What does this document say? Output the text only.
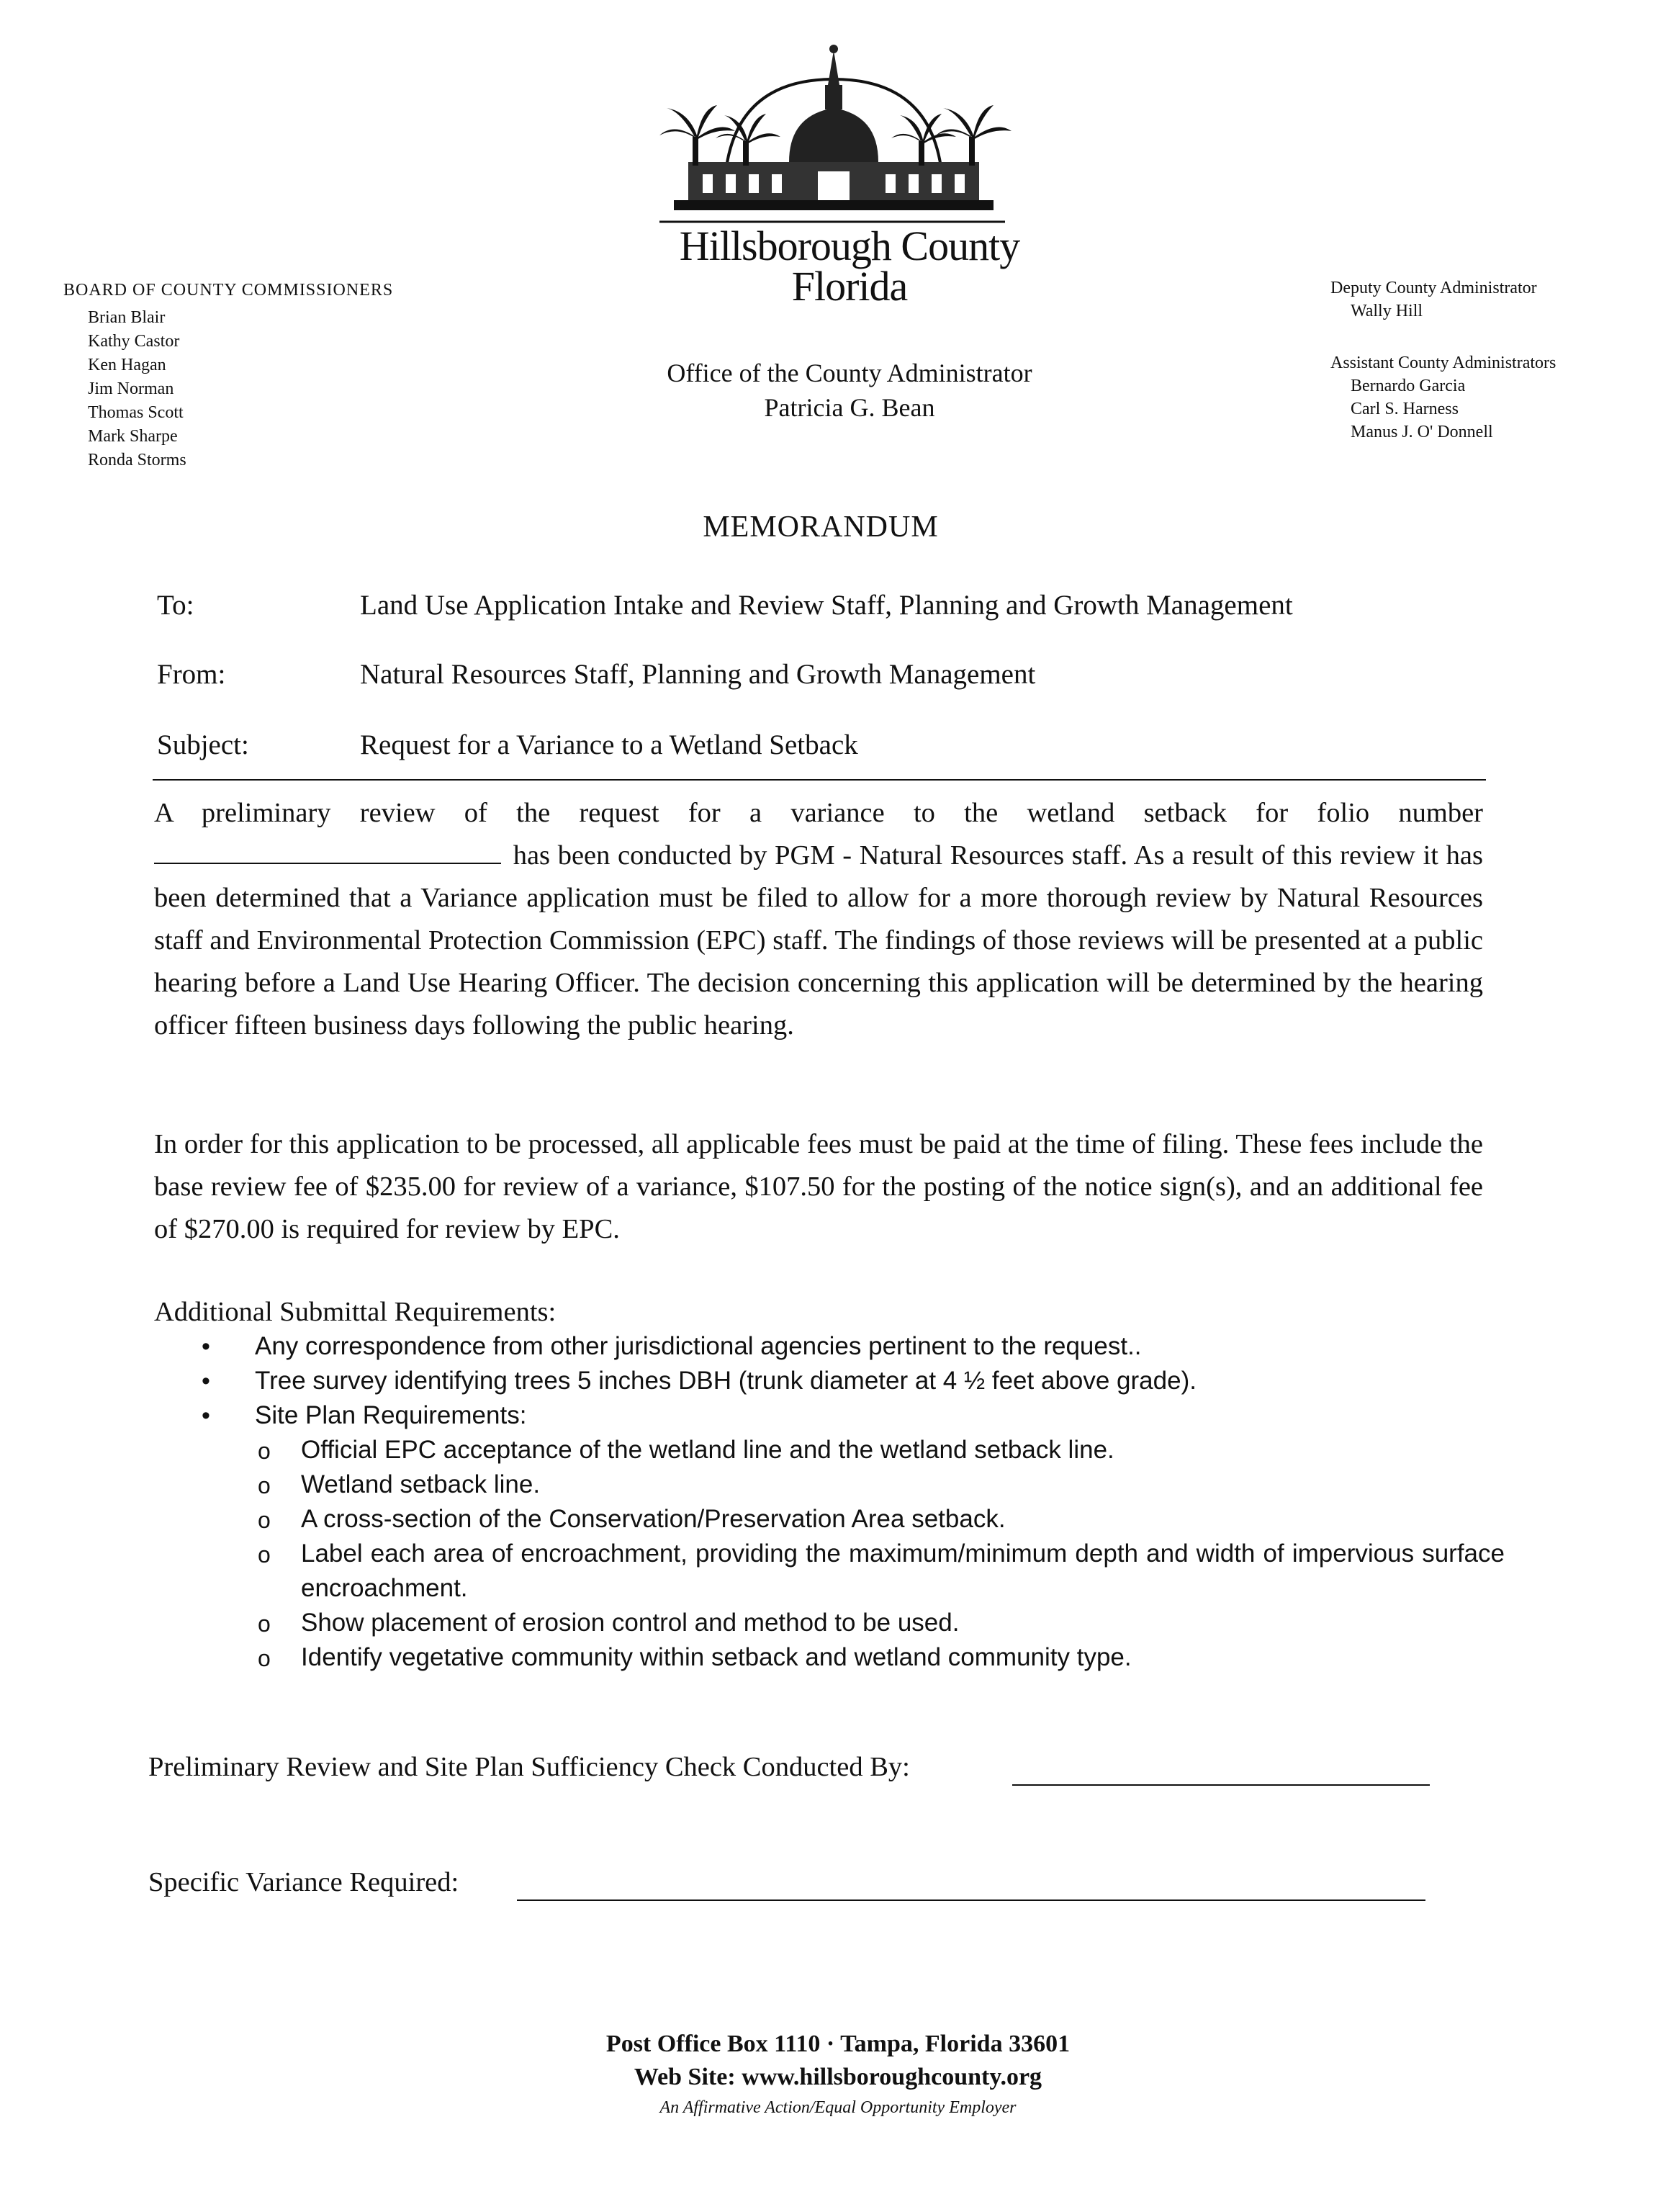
Hillsborough County
Florida
BOARD OF COUNTY COMMISSIONERS
Brian Blair
Kathy Castor
Ken Hagan
Jim Norman
Thomas Scott
Mark Sharpe
Ronda Storms
Office of the County Administrator
Patricia G. Bean
Deputy County Administrator
Wally Hill
Assistant County Administrators
Bernardo Garcia
Carl S. Harness
Manus J. O' Donnell
MEMORANDUM
To:	Land Use Application Intake and Review Staff, Planning and Growth Management
From:	Natural Resources Staff, Planning and Growth Management
Subject:	Request for a Variance to a Wetland Setback
A preliminary review of the request for a variance to the wetland setback for folio number  has been conducted by PGM - Natural Resources staff. As a result of this review it has been determined that a Variance application must be filed to allow for a more thorough review by Natural Resources staff and Environmental Protection Commission (EPC) staff. The findings of those reviews will be presented at a public hearing before a Land Use Hearing Officer. The decision concerning this application will be determined by the hearing officer fifteen business days following the public hearing.
In order for this application to be processed, all applicable fees must be paid at the time of filing. These fees include the base review fee of $235.00 for review of a variance, $107.50 for the posting of the notice sign(s), and an additional fee of $270.00 is required for review by EPC.
Additional Submittal Requirements:
• Any correspondence from other jurisdictional agencies pertinent to the request..
• Tree survey identifying trees 5 inches DBH (trunk diameter at 4 ½ feet above grade).
• Site Plan Requirements:
o Official EPC acceptance of the wetland line and the wetland setback line.
o Wetland setback line.
o A cross-section of the Conservation/Preservation Area setback.
o Label each area of encroachment, providing the maximum/minimum depth and width of impervious surface encroachment.
o Show placement of erosion control and method to be used.
o Identify vegetative community within setback and wetland community type.
Preliminary Review and Site Plan Sufficiency Check Conducted By:
Specific Variance Required:
Post Office Box 1110 · Tampa, Florida 33601
Web Site: www.hillsboroughcounty.org
An Affirmative Action/Equal Opportunity Employer
